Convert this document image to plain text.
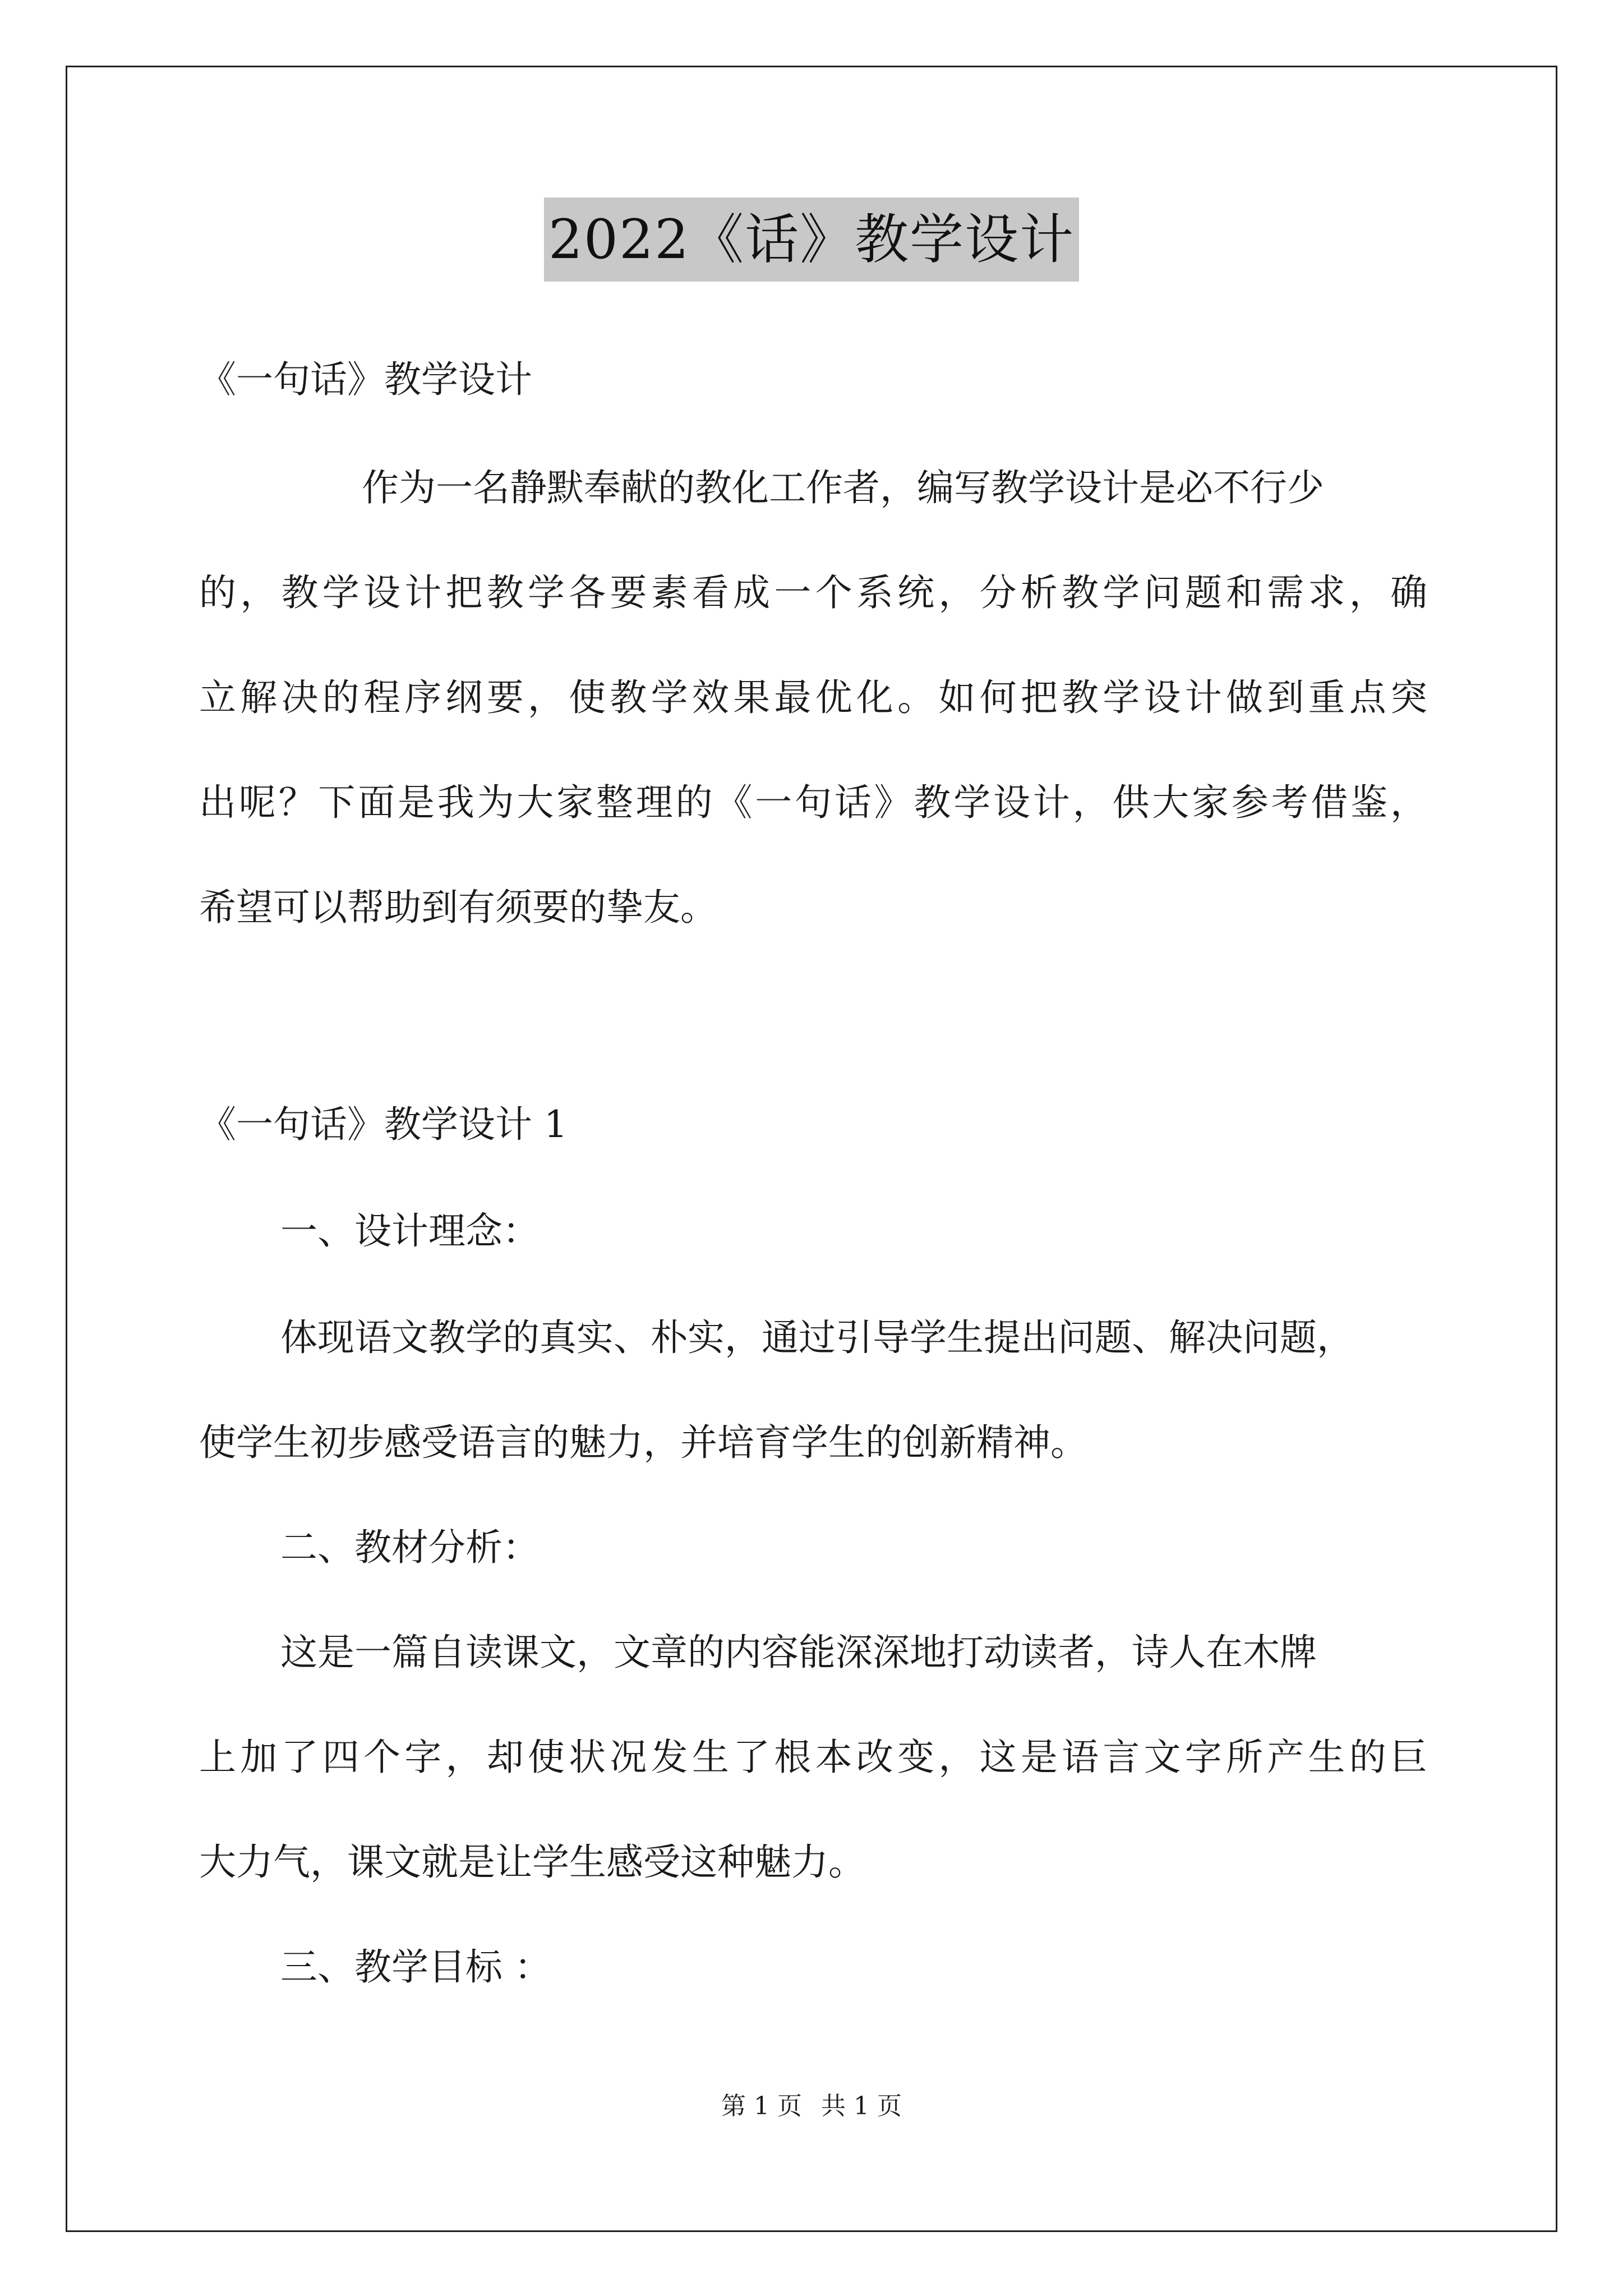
2022《话》教学设计
《一句话》教学设计
作为一名静默奉献的教化工作者，编写教学设计是必不行少
的，教学设计把教学各要素看成一个系统，分析教学问题和需求，确
立解决的程序纲要，使教学效果最优化。如何把教学设计做到重点突
出呢？下面是我为大家整理的《一句话》教学设计，供大家参考借鉴，
希望可以帮助到有须要的挚友。
《一句话》教学设计 1
一、设计理念：
体现语文教学的真实、朴实，通过引导学生提出问题、解决问题，
使学生初步感受语言的魅力，并培育学生的创新精神。
二、教材分析：
这是一篇自读课文，文章的内容能深深地打动读者，诗人在木牌
上加了四个字，却使状况发生了根本改变，这是语言文字所产生的巨
大力气，课文就是让学生感受这种魅力。
三、教学目标 ：
第 1 页 共 1 页
